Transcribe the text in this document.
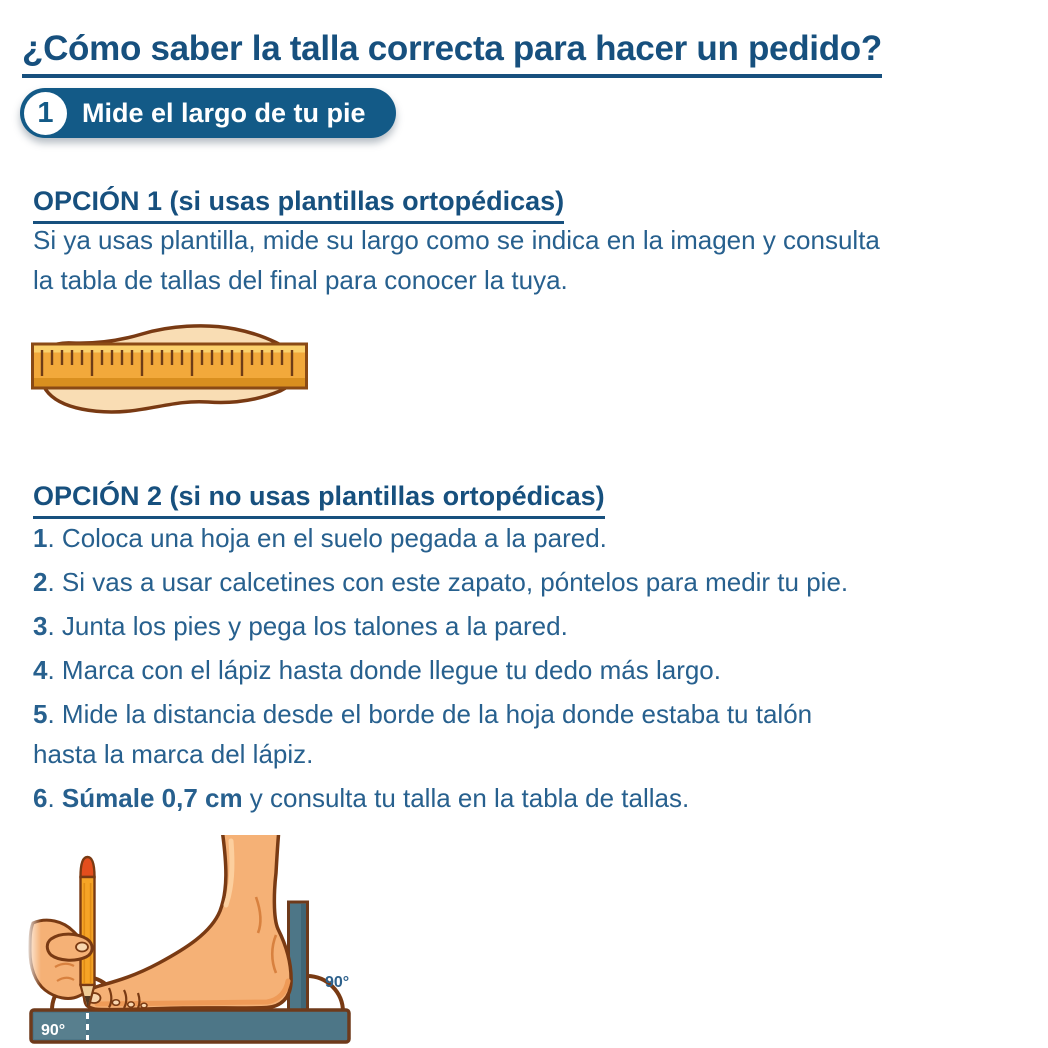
¿Cómo saber la talla correcta para hacer un pedido?
1 Mide el largo de tu pie
OPCIÓN 1 (si usas plantillas ortopédicas)
Si ya usas plantilla, mide su largo como se indica en la imagen y consulta
la tabla de tallas del final para conocer la tuya.
OPCIÓN 2 (si no usas plantillas ortopédicas)
1. Coloca una hoja en el suelo pegada a la pared.
2. Si vas a usar calcetines con este zapato, póntelos para medir tu pie.
3. Junta los pies y pega los talones a la pared.
4. Marca con el lápiz hasta donde llegue tu dedo más largo.
5. Mide la distancia desde el borde de la hoja donde estaba tu talón
hasta la marca del lápiz.
6. Súmale 0,7 cm y consulta tu talla en la tabla de tallas.
90°
90°
